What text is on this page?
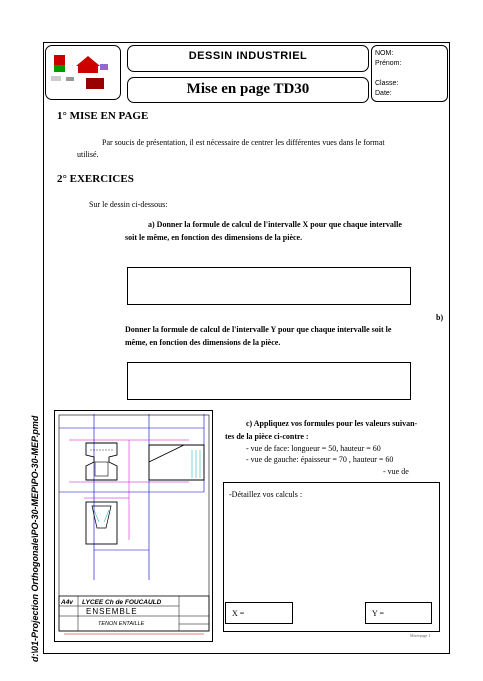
DESSIN INDUSTRIEL
Mise en page TD30
NOM:
Prénom:
Classe:
Date:
1° MISE EN PAGE
Par soucis de présentation, il est nécessaire de centrer les différentes vues dans le format
utilisé.
2° EXERCICES
Sur le dessin ci-dessous:
a) Donner la formule de calcul de l'intervalle X pour que chaque intervalle
soit le même, en fonction des dimensions de la pièce.
b)
Donner la formule de calcul de l'intervalle Y pour que chaque intervalle soit le
même, en fonction des dimensions de la pièce.
c) Appliquez vos formules pour les valeurs suivan-
tes de la pièce ci-contre :
- vue de face: longueur = 50, hauteur = 60
- vue de gauche: épaisseur = 70 , hauteur = 60
- vue de
A4v LYCEE Ch de FOUCAULD
ENSEMBLE
TENON ENTAILLE
-Détaillez vos calculs :
X =	Y =
Miseepage 1
d:\01-Projection Orthogonale\PO-30-MEP\PO-30-MEP.pmd
